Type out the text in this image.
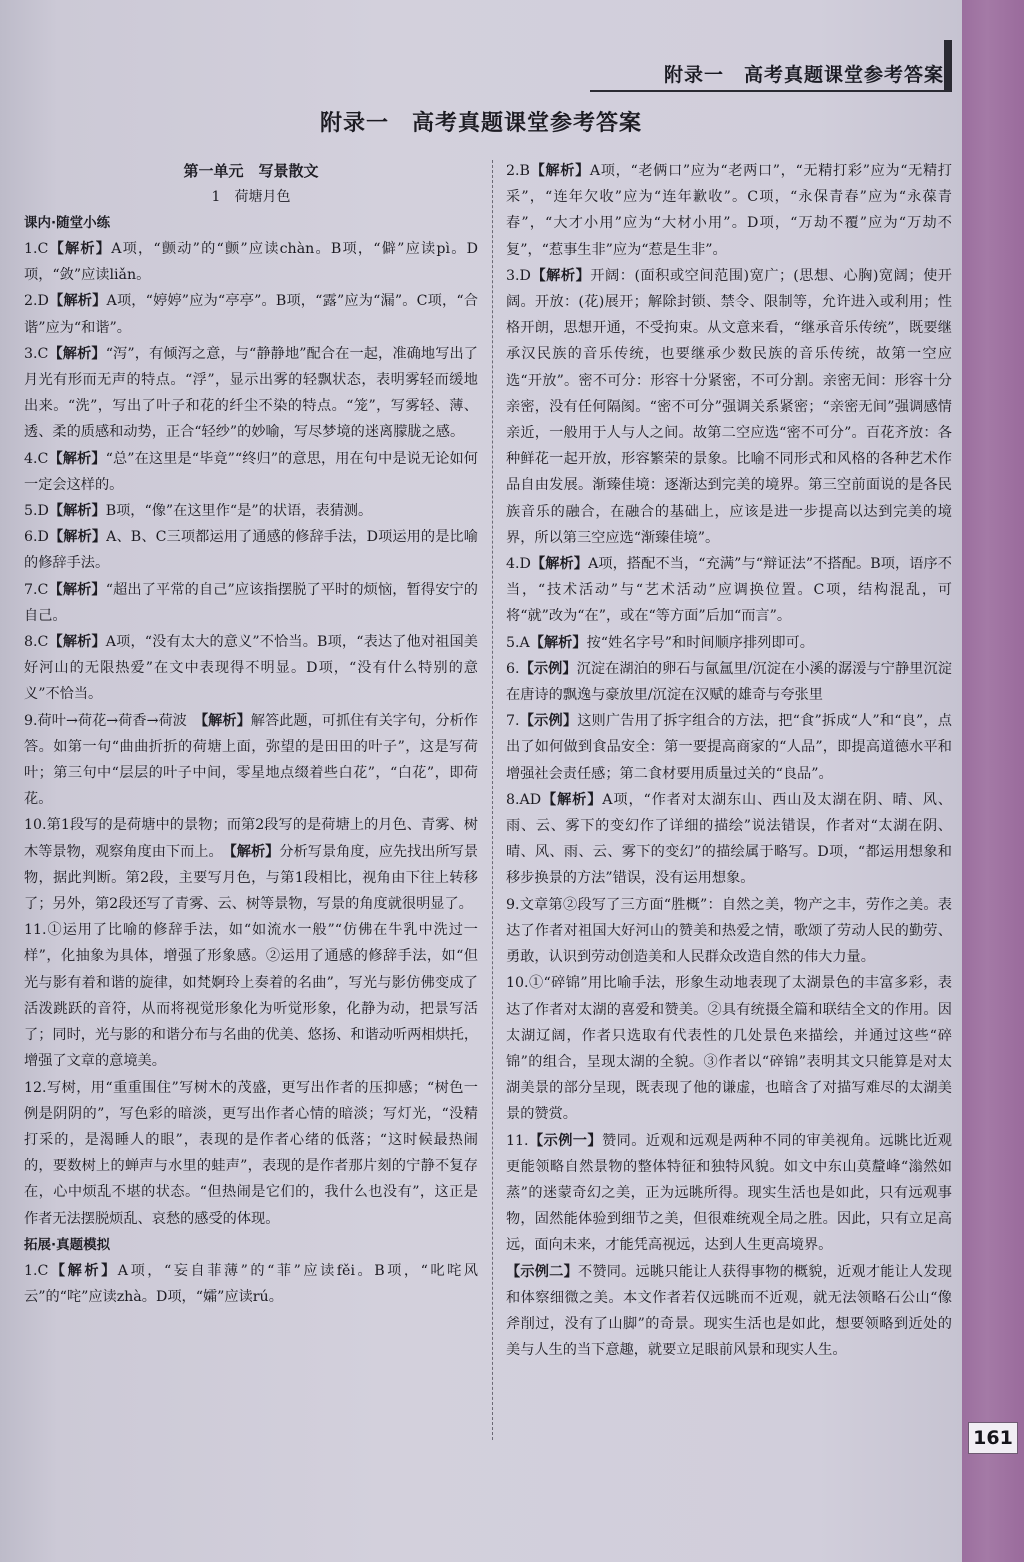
附录一　高考真题课堂参考答案
附录一　高考真题课堂参考答案
第一单元　写景散文
1　荷塘月色
课内·随堂小练
1.C【解析】A项，“颤动”的“颤”应读chàn。B项，“僻”应读pì。D项，“敛”应读liǎn。
2.D【解析】A项，“婷婷”应为“亭亭”。B项，“露”应为“漏”。C项，“合谐”应为“和谐”。
3.C【解析】“泻”，有倾泻之意，与“静静地”配合在一起，准确地写出了月光有形而无声的特点。“浮”，显示出雾的轻飘状态，表明雾轻而缓地出来。“洗”，写出了叶子和花的纤尘不染的特点。“笼”，写雾轻、薄、透、柔的质感和动势，正合“轻纱”的妙喻，写尽梦境的迷离朦胧之感。
4.C【解析】“总”在这里是“毕竟”“终归”的意思，用在句中是说无论如何一定会这样的。
5.D【解析】B项，“像”在这里作“是”的状语，表猜测。
6.D【解析】A、B、C三项都运用了通感的修辞手法，D项运用的是比喻的修辞手法。
7.C【解析】“超出了平常的自己”应该指摆脱了平时的烦恼，暂得安宁的自己。
8.C【解析】A项，“没有太大的意义”不恰当。B项，“表达了他对祖国美好河山的无限热爱”在文中表现得不明显。D项，“没有什么特别的意义”不恰当。
9.荷叶→荷花→荷香→荷波　【解析】解答此题，可抓住有关字句，分析作答。如第一句“曲曲折折的荷塘上面，弥望的是田田的叶子”，这是写荷叶；第三句中“层层的叶子中间，零星地点缀着些白花”，“白花”，即荷花。
10.第1段写的是荷塘中的景物；而第2段写的是荷塘上的月色、青雾、树木等景物，观察角度由下而上。　【解析】分析写景角度，应先找出所写景物，据此判断。第2段，主要写月色，与第1段相比，视角由下往上转移了；另外，第2段还写了青雾、云、树等景物，写景的角度就很明显了。
11.①运用了比喻的修辞手法，如“如流水一般”“仿佛在牛乳中洗过一样”，化抽象为具体，增强了形象感。②运用了通感的修辞手法，如“但光与影有着和谐的旋律，如梵婀玲上奏着的名曲”，写光与影仿佛变成了活泼跳跃的音符，从而将视觉形象化为听觉形象，化静为动，把景写活了；同时，光与影的和谐分布与名曲的优美、悠扬、和谐动听两相烘托，增强了文章的意境美。
12.写树，用“重重围住”写树木的茂盛，更写出作者的压抑感；“树色一例是阴阴的”，写色彩的暗淡，更写出作者心情的暗淡；写灯光，“没精打采的，是渴睡人的眼”，表现的是作者心绪的低落；“这时候最热闹的，要数树上的蝉声与水里的蛙声”，表现的是作者那片刻的宁静不复存在，心中烦乱不堪的状态。“但热闹是它们的，我什么也没有”，这正是作者无法摆脱烦乱、哀愁的感受的体现。
拓展·真题模拟
1.C【解析】A项，“妄自菲薄”的“菲”应读fěi。B项，“叱咤风云”的“咤”应读zhà。D项，“孀”应读rú。
2.B【解析】A项，“老俩口”应为“老两口”，“无精打彩”应为“无精打采”，“连年欠收”应为“连年歉收”。C项，“永保青春”应为“永葆青春”，“大才小用”应为“大材小用”。D项，“万劫不覆”应为“万劫不复”，“惹事生非”应为“惹是生非”。
3.D【解析】开阔：(面积或空间范围)宽广；(思想、心胸)宽阔；使开阔。开放：(花)展开；解除封锁、禁令、限制等，允许进入或利用；性格开朗，思想开通，不受拘束。从文意来看，“继承音乐传统”，既要继承汉民族的音乐传统，也要继承少数民族的音乐传统，故第一空应选“开放”。密不可分：形容十分紧密，不可分割。亲密无间：形容十分亲密，没有任何隔阂。“密不可分”强调关系紧密；“亲密无间”强调感情亲近，一般用于人与人之间。故第二空应选“密不可分”。百花齐放：各种鲜花一起开放，形容繁荣的景象。比喻不同形式和风格的各种艺术作品自由发展。渐臻佳境：逐渐达到完美的境界。第三空前面说的是各民族音乐的融合，在融合的基础上，应该是进一步提高以达到完美的境界，所以第三空应选“渐臻佳境”。
4.D【解析】A项，搭配不当，“充满”与“辩证法”不搭配。B项，语序不当，“技术活动”与“艺术活动”应调换位置。C项，结构混乱，可将“就”改为“在”，或在“等方面”后加“而言”。
5.A【解析】按“姓名字号”和时间顺序排列即可。
6.【示例】沉淀在湖泊的卵石与氤氲里/沉淀在小溪的潺湲与宁静里沉淀在唐诗的飘逸与豪放里/沉淀在汉赋的雄奇与夸张里
7.【示例】这则广告用了拆字组合的方法，把“食”拆成“人”和“良”，点出了如何做到食品安全：第一要提高商家的“人品”，即提高道德水平和增强社会责任感；第二食材要用质量过关的“良品”。
8.AD【解析】A项，“作者对太湖东山、西山及太湖在阴、晴、风、雨、云、雾下的变幻作了详细的描绘”说法错误，作者对“太湖在阴、晴、风、雨、云、雾下的变幻”的描绘属于略写。D项，“都运用想象和移步换景的方法”错误，没有运用想象。
9.文章第②段写了三方面“胜概”：自然之美，物产之丰，劳作之美。表达了作者对祖国大好河山的赞美和热爱之情，歌颂了劳动人民的勤劳、勇敢，认识到劳动创造美和人民群众改造自然的伟大力量。
10.①“碎锦”用比喻手法，形象生动地表现了太湖景色的丰富多彩，表达了作者对太湖的喜爱和赞美。②具有统摄全篇和联结全文的作用。因太湖辽阔，作者只选取有代表性的几处景色来描绘，并通过这些“碎锦”的组合，呈现太湖的全貌。③作者以“碎锦”表明其文只能算是对太湖美景的部分呈现，既表现了他的谦虚，也暗含了对描写难尽的太湖美景的赞赏。
11.【示例一】赞同。近观和远观是两种不同的审美视角。远眺比近观更能领略自然景物的整体特征和独特风貌。如文中东山莫釐峰“滃然如蒸”的迷蒙奇幻之美，正为远眺所得。现实生活也是如此，只有远观事物，固然能体验到细节之美，但很难统观全局之胜。因此，只有立足高远，面向未来，才能凭高视远，达到人生更高境界。
【示例二】不赞同。远眺只能让人获得事物的概貌，近观才能让人发现和体察细微之美。本文作者若仅远眺而不近观，就无法领略石公山“像斧削过，没有了山脚”的奇景。现实生活也是如此，想要领略到近处的美与人生的当下意趣，就要立足眼前风景和现实人生。
161
